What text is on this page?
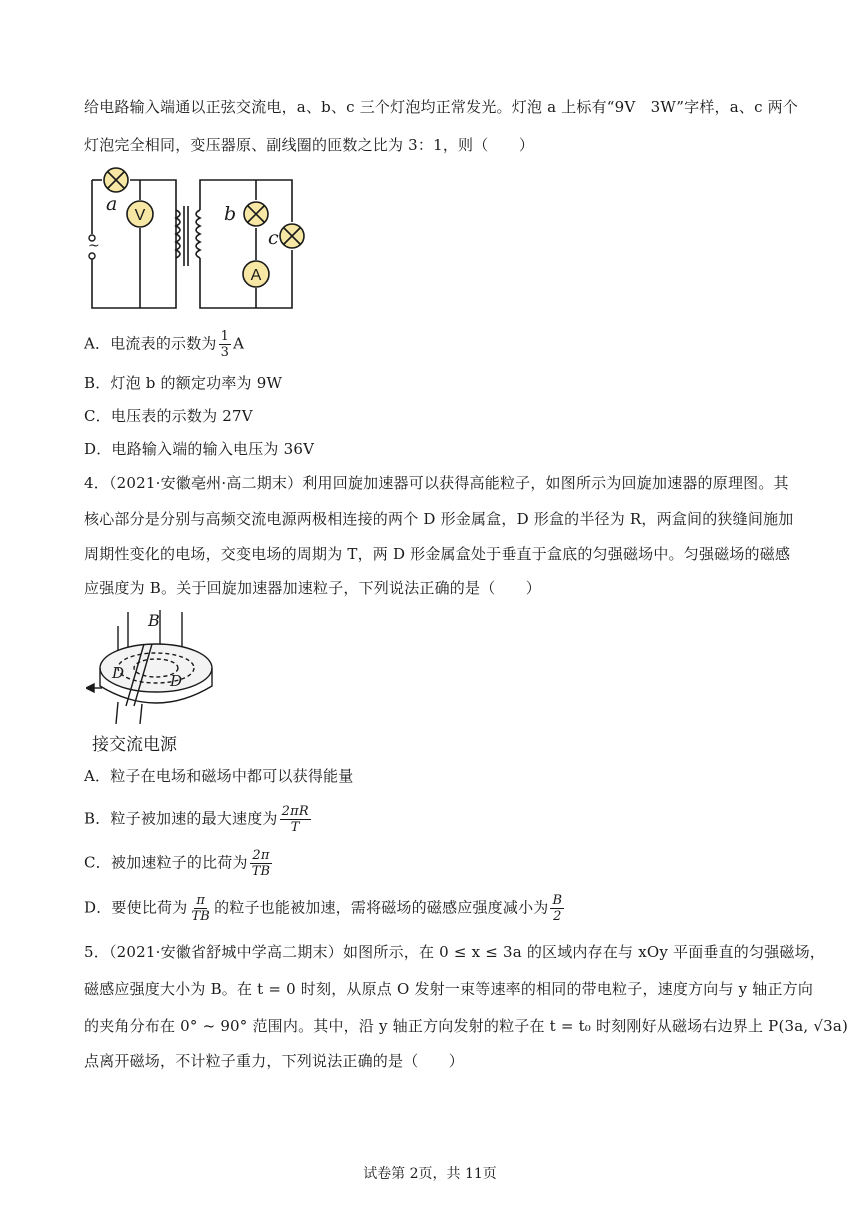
给电路输入端通以正弦交流电，a、b、c 三个灯泡均正常发光。灯泡 a 上标有“9V　3W”字样，a、c 两个
灯泡完全相同，变压器原、副线圈的匝数之比为 3：1，则（　　）
V
A
~
a	b
c
A．电流表的示数为 $\frac{1}{3}$ A
B．灯泡 b 的额定功率为 9W
C．电压表的示数为 27V
D．电路输入端的输入电压为 36V
4．（2021·安徽亳州·高二期末）利用回旋加速器可以获得高能粒子，如图所示为回旋加速器的原理图。其
核心部分是分别与高频交流电源两极相连接的两个 D 形金属盒，D 形盒的半径为 R，两盒间的狭缝间施加
周期性变化的电场，交变电场的周期为 T，两 D 形金属盒处于垂直于盒底的匀强磁场中。匀强磁场的磁感
应强度为 B。关于回旋加速器加速粒子，下列说法正确的是（　　）
B
D	D
接交流电源
A．粒子在电场和磁场中都可以获得能量
B．粒子被加速的最大速度为 $\frac{2\pi R}{T}$
C．被加速粒子的比荷为 $\frac{2\pi}{TB}$
D．要使比荷为 $\frac{\pi}{TB}$ 的粒子也能被加速，需将磁场的磁感应强度减小为 $\frac{B}{2}$
5．（2021·安徽省舒城中学高二期末）如图所示，在 0 ≤ x ≤ 3a 的区域内存在与 xOy 平面垂直的匀强磁场，
磁感应强度大小为 B。在 t = 0 时刻，从原点 O 发射一束等速率的相同的带电粒子，速度方向与 y 轴正方向
的夹角分布在 0° ~ 90° 范围内。其中，沿 y 轴正方向发射的粒子在 t = t₀ 时刻刚好从磁场右边界上 P(3a, √3a)
点离开磁场，不计粒子重力，下列说法正确的是（　　）
试卷第 2页，共 11页
